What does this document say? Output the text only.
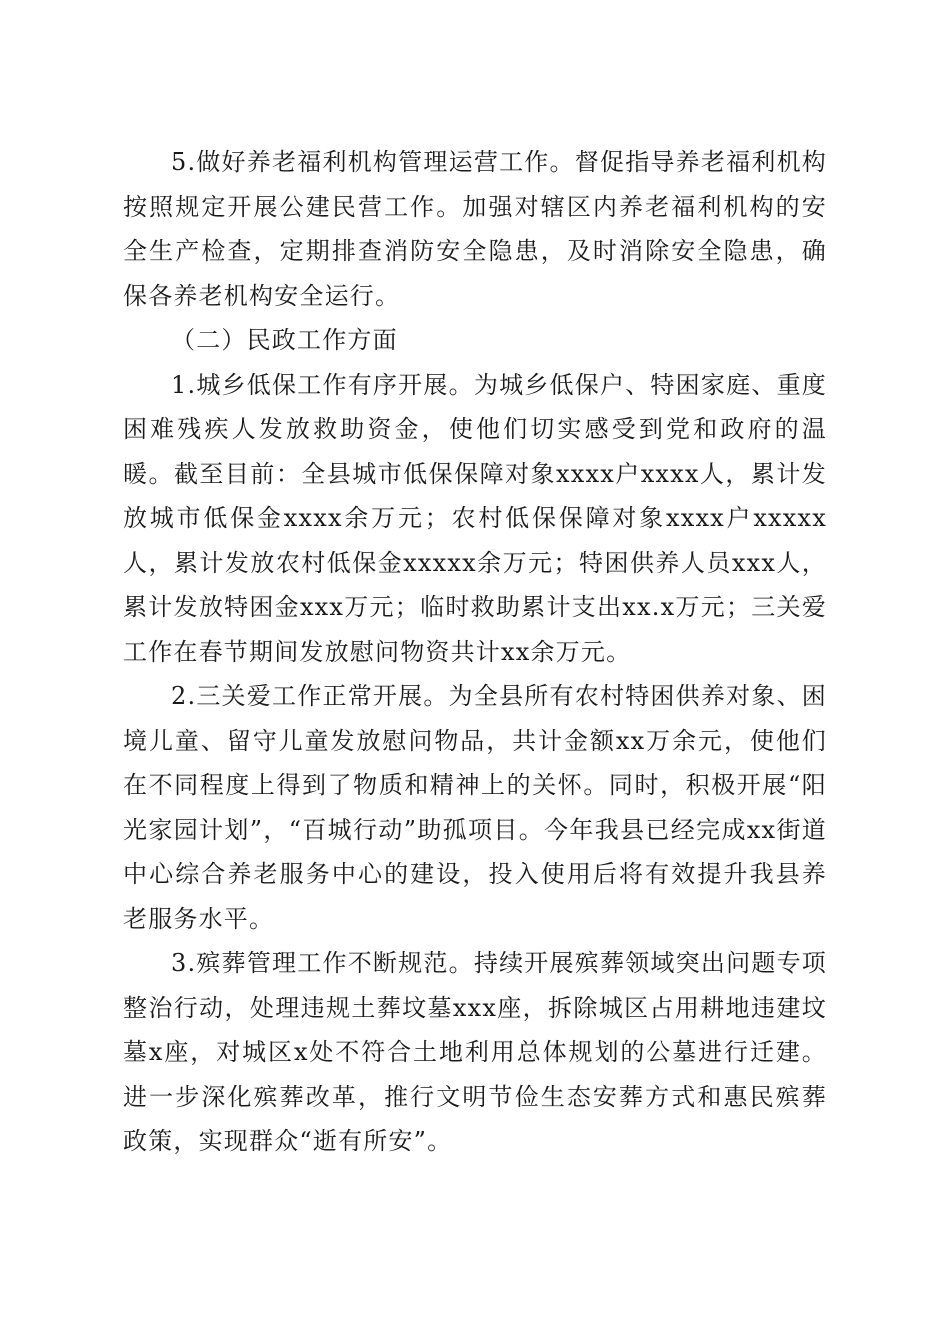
5.做好养老福利机构管理运营工作。督促指导养老福利机构按照规定开展公建民营工作。加强对辖区内养老福利机构的安全生产检查，定期排查消防安全隐患，及时消除安全隐患，确保各养老机构安全运行。

（二）民政工作方面

1.城乡低保工作有序开展。为城乡低保户、特困家庭、重度困难残疾人发放救助资金，使他们切实感受到党和政府的温暖。截至目前：全县城市低保保障对象xxxx户xxxx人，累计发放城市低保金xxxx余万元；农村低保保障对象xxxx户xxxxx人，累计发放农村低保金xxxxx余万元；特困供养人员xxx人，累计发放特困金xxx万元；临时救助累计支出xx.x万元；三关爱工作在春节期间发放慰问物资共计xx余万元。

2.三关爱工作正常开展。为全县所有农村特困供养对象、困境儿童、留守儿童发放慰问物品，共计金额xx万余元，使他们在不同程度上得到了物质和精神上的关怀。同时，积极开展“阳光家园计划”，“百城行动”助孤项目。今年我县已经完成xx街道中心综合养老服务中心的建设，投入使用后将有效提升我县养老服务水平。

3.殡葬管理工作不断规范。持续开展殡葬领域突出问题专项整治行动，处理违规土葬坟墓xxx座，拆除城区占用耕地违建坟墓x座，对城区x处不符合土地利用总体规划的公墓进行迁建。进一步深化殡葬改革，推行文明节俭生态安葬方式和惠民殡葬政策，实现群众“逝有所安”。
